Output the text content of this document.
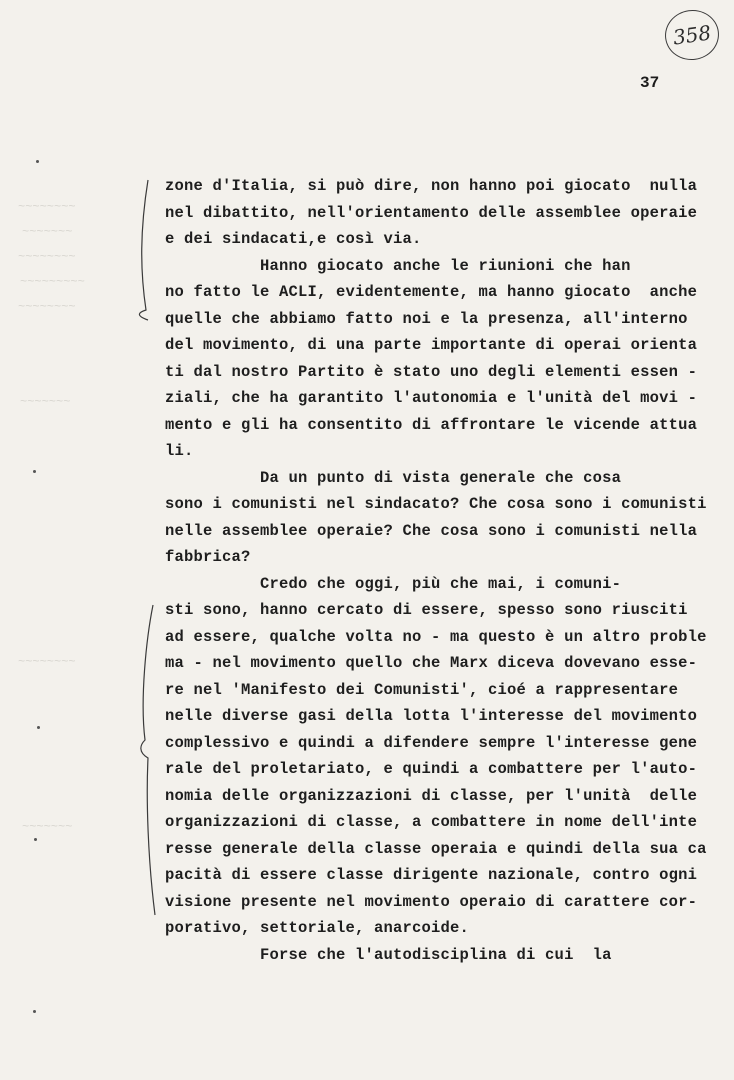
358
37
~~~~~~~~
~~~~~~~
~~~~~~~~
~~~~~~~~~
~~~~~~~~
~~~~~~~
~~~~~~~~
~~~~~~~
zone d'Italia, si può dire, non hanno poi giocato  nulla
nel dibattito, nell'orientamento delle assemblee operaie
e dei sindacati,e così via.
Hanno giocato anche le riunioni che han
no fatto le ACLI, evidentemente, ma hanno giocato  anche
quelle che abbiamo fatto noi e la presenza, all'interno
del movimento, di una parte importante di operai orienta
ti dal nostro Partito è stato uno degli elementi essen -
ziali, che ha garantito l'autonomia e l'unità del movi -
mento e gli ha consentito di affrontare le vicende attua
li.
Da un punto di vista generale che cosa
sono i comunisti nel sindacato? Che cosa sono i comunisti
nelle assemblee operaie? Che cosa sono i comunisti nella
fabbrica?
Credo che oggi, più che mai, i comuni-
sti sono, hanno cercato di essere, spesso sono riusciti
ad essere, qualche volta no - ma questo è un altro proble
ma - nel movimento quello che Marx diceva dovevano esse-
re nel 'Manifesto dei Comunisti', cioé a rappresentare
nelle diverse gasi della lotta l'interesse del movimento
complessivo e quindi a difendere sempre l'interesse gene
rale del proletariato, e quindi a combattere per l'auto-
nomia delle organizzazioni di classe, per l'unità  delle
organizzazioni di classe, a combattere in nome dell'inte
resse generale della classe operaia e quindi della sua ca
pacità di essere classe dirigente nazionale, contro ogni
visione presente nel movimento operaio di carattere cor-
porativo, settoriale, anarcoide.
Forse che l'autodisciplina di cui  la
